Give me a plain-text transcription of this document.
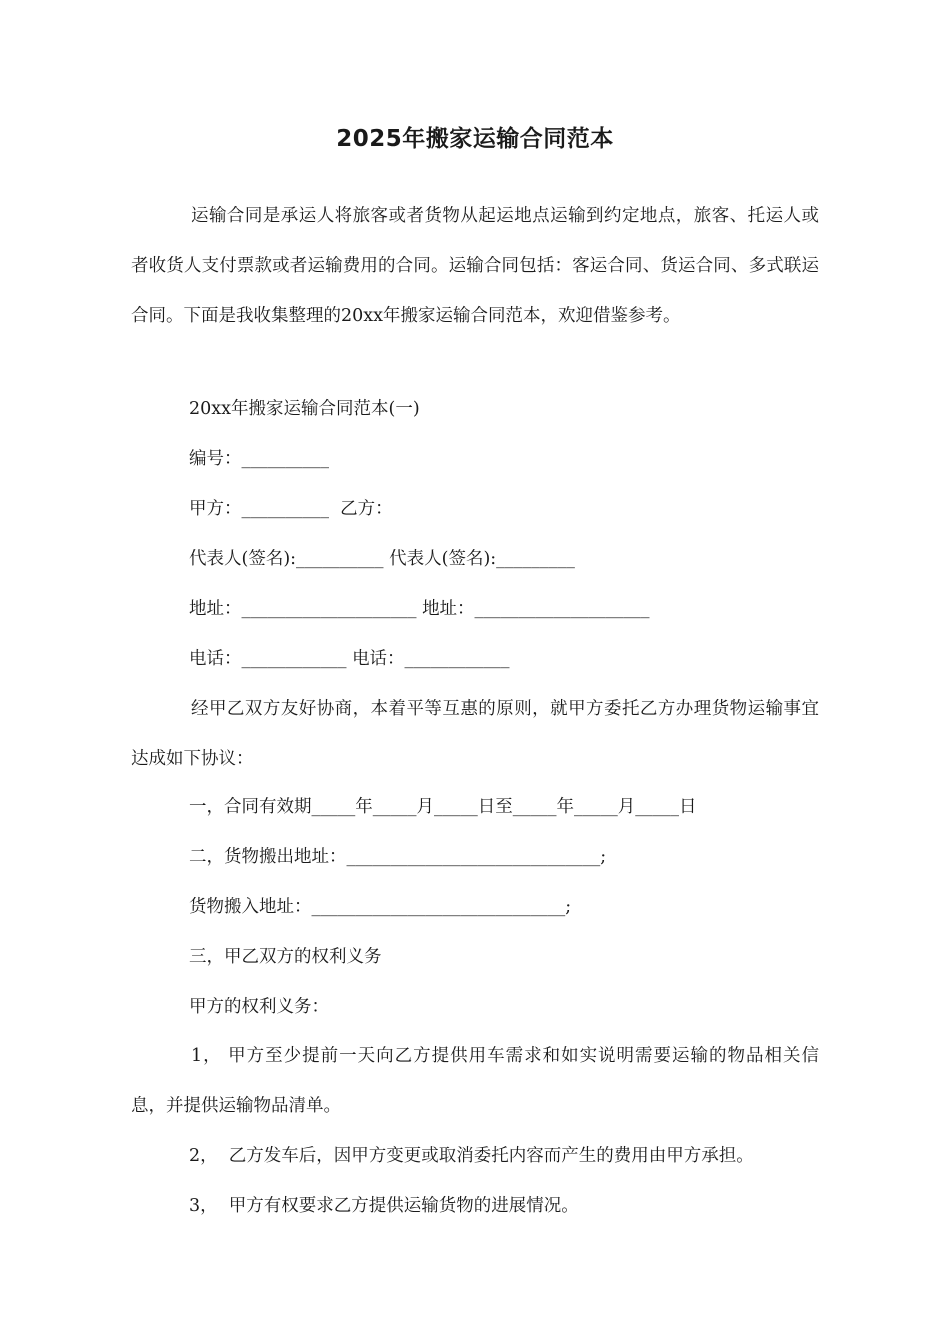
2025年搬家运输合同范本

运输合同是承运人将旅客或者货物从起运地点运输到约定地点，旅客、托运人或者收货人支付票款或者运输费用的合同。运输合同包括：客运合同、货运合同、多式联运合同。下面是我收集整理的20xx年搬家运输合同范本，欢迎借鉴参考。

20xx年搬家运输合同范本(一)

编号：__________

甲方：__________  乙方：

代表人(签名):__________ 代表人(签名):_________

地址：____________________ 地址：____________________

电话：____________ 电话：____________

经甲乙双方友好协商，本着平等互惠的原则，就甲方委托乙方办理货物运输事宜达成如下协议：

一，合同有效期_____年_____月_____日至_____年_____月_____日

二，货物搬出地址：_____________________________;

货物搬入地址：_____________________________;

三，甲乙双方的权利义务

甲方的权利义务：

1， 甲方至少提前一天向乙方提供用车需求和如实说明需要运输的物品相关信息，并提供运输物品清单。

2，  乙方发车后，因甲方变更或取消委托内容而产生的费用由甲方承担。

3，  甲方有权要求乙方提供运输货物的进展情况。
